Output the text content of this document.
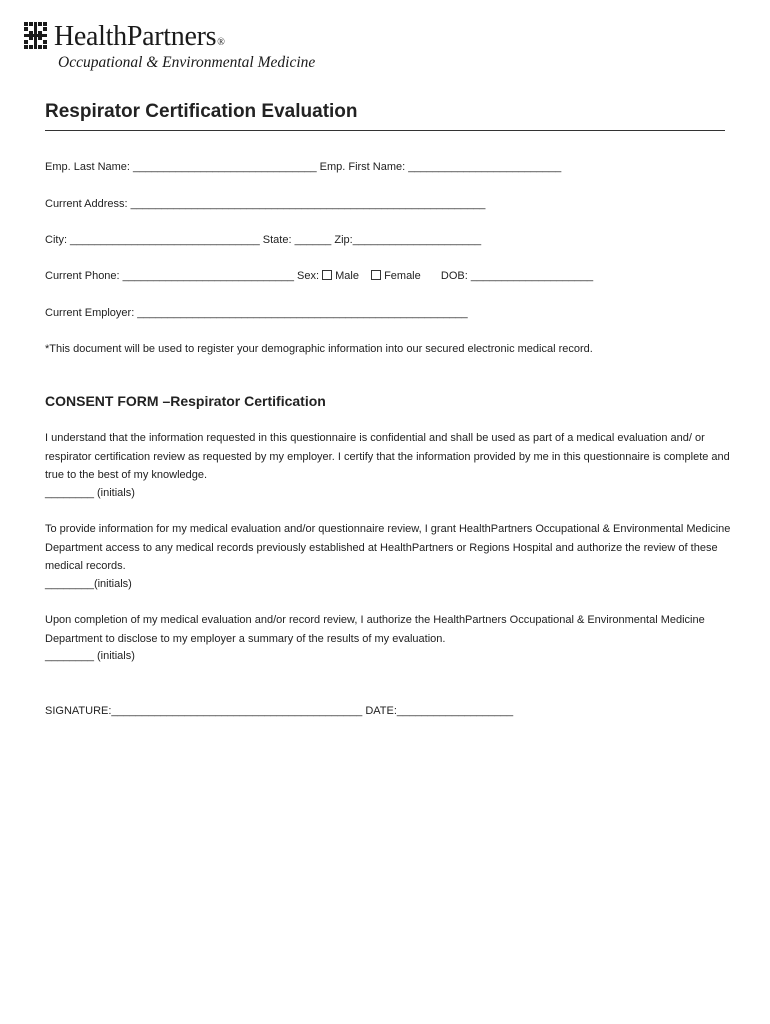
HealthPartners®
Occupational & Environmental Medicine
Respirator Certification Evaluation
Emp. Last Name: ______________________________ Emp. First Name: _________________________
Current Address: __________________________________________________________
City: _______________________________ State: ______ Zip:_____________________
Current Phone: ____________________________ Sex: Male Female DOB: ____________________
Current Employer: ______________________________________________________
*This document will be used to register your demographic information into our secured electronic medical record.
CONSENT FORM –Respirator Certification

I understand that the information requested in this questionnaire is confidential and shall be used as part of a medical evaluation and/ or respirator certification review as requested by my employer. I certify that the information provided by me in this questionnaire is complete and true to the best of my knowledge.

________ (initials)

To provide information for my medical evaluation and/or questionnaire review, I grant HealthPartners Occupational & Environmental Medicine Department access to any medical records previously established at HealthPartners or Regions Hospital and authorize the review of these medical records.

________(initials)

Upon completion of my medical evaluation and/or record review, I authorize the HealthPartners Occupational & Environmental Medicine Department to disclose to my employer a summary of the results of my evaluation.

________ (initials)
SIGNATURE:_________________________________________ DATE:___________________
